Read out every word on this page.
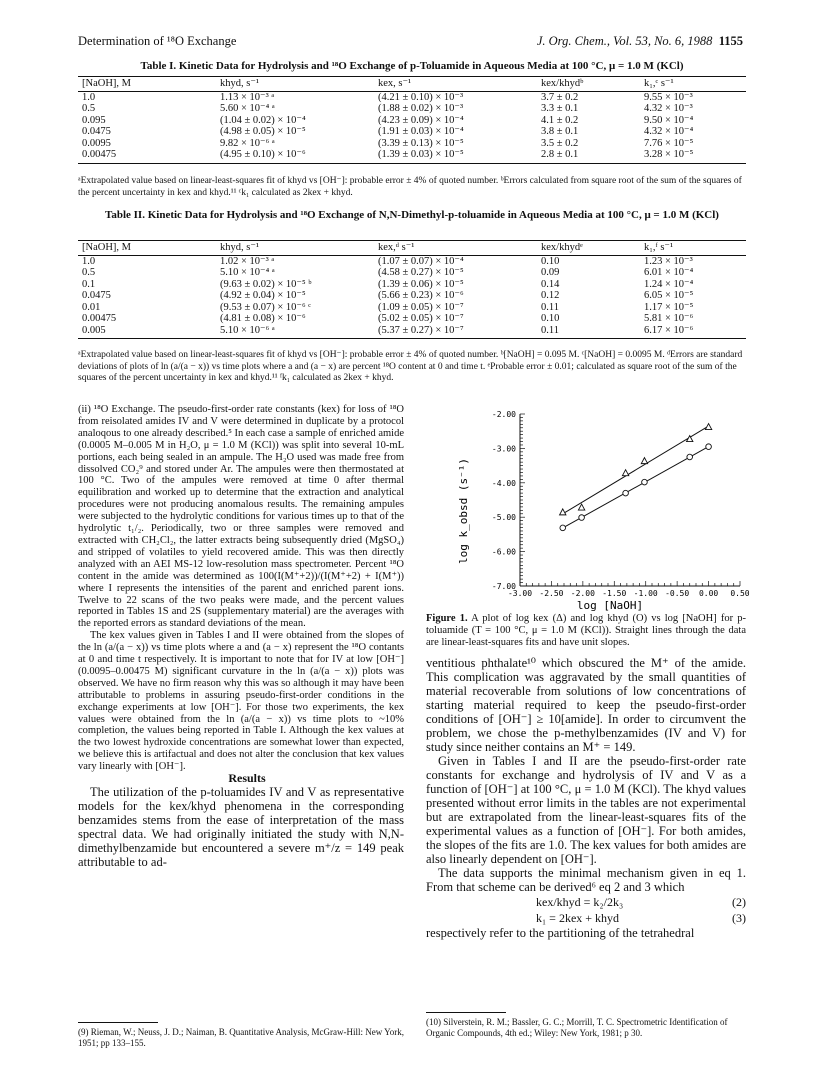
Determination of ¹⁸O Exchange	J. Org. Chem., Vol. 53, No. 6, 1988 1155
Table I. Kinetic Data for Hydrolysis and ¹⁸O Exchange of p-Toluamide in Aqueous Media at 100 °C, μ = 1.0 M (KCl)
[NaOH], M	khyd, s⁻¹	kex, s⁻¹	kex/khydᵇ	k₁,ᶜ s⁻¹
1.0	1.13 × 10⁻³ ᵃ	(4.21 ± 0.10) × 10⁻³	3.7 ± 0.2	9.55 × 10⁻³
0.5	5.60 × 10⁻⁴ ᵃ	(1.88 ± 0.02) × 10⁻³	3.3 ± 0.1	4.32 × 10⁻³
0.095	(1.04 ± 0.02) × 10⁻⁴	(4.23 ± 0.09) × 10⁻⁴	4.1 ± 0.2	9.50 × 10⁻⁴
0.0475	(4.98 ± 0.05) × 10⁻⁵	(1.91 ± 0.03) × 10⁻⁴	3.8 ± 0.1	4.32 × 10⁻⁴
0.0095	9.82 × 10⁻⁶ ᵃ	(3.39 ± 0.13) × 10⁻⁵	3.5 ± 0.2	7.76 × 10⁻⁵
0.00475	(4.95 ± 0.10) × 10⁻⁶	(1.39 ± 0.03) × 10⁻⁵	2.8 ± 0.1	3.28 × 10⁻⁵
ᵃExtrapolated value based on linear-least-squares fit of khyd vs [OH⁻]: probable error ± 4% of quoted number. ᵇErrors calculated from square root of the sum of the squares of the percent uncertainty in kex and khyd.¹¹ ᶜk₁ calculated as 2kex + khyd.
Table II. Kinetic Data for Hydrolysis and ¹⁸O Exchange of N,N-Dimethyl-p-toluamide in Aqueous Media at 100 °C, μ = 1.0 M (KCl)
[NaOH], M	khyd, s⁻¹	kex,ᵈ s⁻¹	kex/khydᵉ	k₁,ᶠ s⁻¹
1.0	1.02 × 10⁻³ ᵃ	(1.07 ± 0.07) × 10⁻⁴	0.10	1.23 × 10⁻³
0.5	5.10 × 10⁻⁴ ᵃ	(4.58 ± 0.27) × 10⁻⁵	0.09	6.01 × 10⁻⁴
0.1	(9.63 ± 0.02) × 10⁻⁵ ᵇ	(1.39 ± 0.06) × 10⁻⁵	0.14	1.24 × 10⁻⁴
0.0475	(4.92 ± 0.04) × 10⁻⁵	(5.66 ± 0.23) × 10⁻⁶	0.12	6.05 × 10⁻⁵
0.01	(9.53 ± 0.07) × 10⁻⁶ ᶜ	(1.09 ± 0.05) × 10⁻⁷	0.11	1.17 × 10⁻⁵
0.00475	(4.81 ± 0.08) × 10⁻⁶	(5.02 ± 0.05) × 10⁻⁷	0.10	5.81 × 10⁻⁶
0.005	5.10 × 10⁻⁶ ᵃ	(5.37 ± 0.27) × 10⁻⁷	0.11	6.17 × 10⁻⁶
ᵃExtrapolated value based on linear-least-squares fit of khyd vs [OH⁻]: probable error ± 4% of quoted number. ᵇ[NaOH] = 0.095 M. ᶜ[NaOH] = 0.0095 M. ᵈErrors are standard deviations of plots of ln (a/(a − x)) vs time plots where a and (a − x) are percent ¹⁸O content at 0 and time t. ᵉProbable error ± 0.01; calculated as square root of the sum of the squares of the percent uncertainty in kex and khyd.¹¹ ᶠk₁ calculated as 2kex + khyd.

(ii) ¹⁸O Exchange. The pseudo-first-order rate constants (kex) for loss of ¹⁸O from reisolated amides IV and V were determined in duplicate by a protocol analoqous to one already described.⁵ In each case a sample of enriched amide (0.0005 M–0.005 M in H₂O, μ = 1.0 M (KCl)) was split into several 10-mL portions, each being sealed in an ampule. The H₂O used was made free from dissolved CO₂⁹ and stored under Ar. The ampules were then thermostated at 100 °C. Two of the ampules were removed at time 0 after thermal equilibration and worked up to determine that the extraction and analytical procedures were not producing anomalous results. The remaining ampules were subjected to the hydrolytic conditions for various times up to that of the hydrolytic t₁/₂. Periodically, two or three samples were removed and extracted with CH₂Cl₂, the latter extracts being subsequently dried (MgSO₄) and stripped of volatiles to yield recovered amide. This was then directly analyzed with an AEI MS-12 low-resolution mass spectrometer. Percent ¹⁸O content in the amide was determined as 100(I(M⁺+2))/(I(M⁺+2) + I(M⁺)) where I represents the intensities of the parent and enriched parent ions. Twelve to 22 scans of the two peaks were made, and the percent values reported in Tables 1S and 2S (supplementary material) are the averages with the reported errors as standard deviations of the mean.

The kex values given in Tables I and II were obtained from the slopes of the ln (a/(a − x)) vs time plots where a and (a − x) represent the ¹⁸O contants at 0 and time t respectively. It is important to note that for IV at low [OH⁻] (0.0095–0.00475 M) significant curvature in the ln (a/(a − x)) plots was observed. We have no firm reason why this was so although it may have been attributable to problems in assuring pseudo-first-order conditions in the exchange experiments at low [OH⁻]. For those two experiments, the kex values were obtained from the ln (a/(a − x)) vs time plots to ~10% completion, the values being reported in Table I. Although the kex values at the two lowest hydroxide concentrations are somewhat lower than expected, we believe this is artifactual and does not alter the conclusion that kex values vary linearly with [OH⁻].

Results

The utilization of the p-toluamides IV and V as representative models for the kex/khyd phenomena in the corresponding benzamides stems from the ease of interpretation of the mass spectral data. We had originally initiated the study with N,N-dimethylbenzamide but encountered a severe m⁺/z = 149 peak attributable to ad-

-3.00 -2.50 -2.00 -1.50 -1.00 -0.50 0.00 0.50
-2.00
-3.00
-4.00
-5.00
-6.00
-7.00
log [NaOH]
log k_obsd (s⁻¹)
Figure 1. A plot of log kex (Δ) and log khyd (O) vs log [NaOH] for p-toluamide (T = 100 °C, μ = 1.0 M (KCl)). Straight lines through the data are linear-least-squares fits and have unit slopes.

ventitious phthalate¹⁰ which obscured the M⁺ of the amide. This complication was aggravated by the small quantities of material recoverable from solutions of low concentrations of starting material required to keep the pseudo-first-order conditions of [OH⁻] ≥ 10[amide]. In order to circumvent the problem, we chose the p-methylbenzamides (IV and V) for study since neither contains an M⁺ = 149.

Given in Tables I and II are the pseudo-first-order rate constants for exchange and hydrolysis of IV and V as a function of [OH⁻] at 100 °C, μ = 1.0 M (KCl). The khyd values presented without error limits in the tables are not experimental but are extrapolated from the linear-least-squares fits of the experimental values as a function of [OH⁻]. For both amides, the slopes of the fits are 1.0. The kex values for both amides are also linearly dependent on [OH⁻].

The data supports the minimal mechanism given in eq 1. From that scheme can be derived⁶ eq 2 and 3 which

kex/khyd = k₂/2k₃	(2)
k₁ = 2kex + khyd	(3)

respectively refer to the partitioning of the tetrahedral

(9) Rieman, W.; Neuss, J. D.; Naiman, B. Quantitative Analysis, McGraw-Hill: New York, 1951; pp 133–155.
(10) Silverstein, R. M.; Bassler, G. C.; Morrill, T. C. Spectrometric Identification of Organic Compounds, 4th ed.; Wiley: New York, 1981; p 30.
